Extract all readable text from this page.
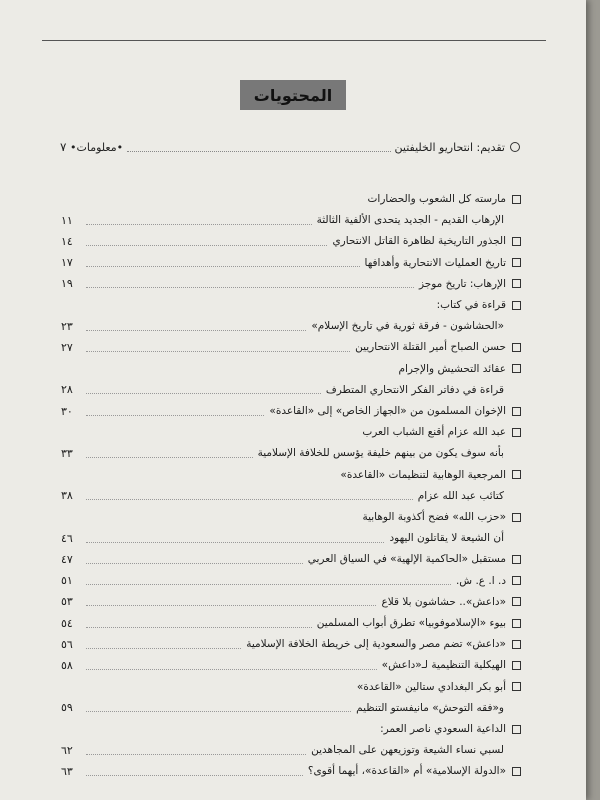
المحتويات
تقديم: انتحاريو الخليفتين
•معلومات•
٧
مارسته كل الشعوب والحضارات
الإرهاب القديم - الجديد يتحدى الألفية الثالثة
١١
الجذور التاريخية لظاهرة القاتل الانتحاري
١٤
تاريخ العمليات الانتحارية وأهدافها
١٧
الإرهاب: تاريخ موجز
١٩
قراءة في كتاب:
«الحشاشون - فرقة ثورية في تاريخ الإسلام»
٢٣
حسن الصباح أمير القتلة الانتحاريين
٢٧
عقائد التحشيش والإجرام
قراءة في دفاتر الفكر الانتحاري المتطرف
٢٨
الإخوان المسلمون من «الجهاز الخاص» إلى «القاعدة»
٣٠
عبد الله عزام أقنع الشباب العرب
بأنه سوف يكون من بينهم خليفة يؤسس للخلافة الإسلامية
٣٣
المرجعية الوهابية لتنظيمات «القاعدة»
كتائب عبد الله عزام
٣٨
«حزب الله» فضح أكذوبة الوهابية
أن الشيعة لا يقاتلون اليهود
٤٦
مستقبل «الحاكمية الإلهية» في السياق العربي
٤٧
د. ا. ع. ش.
٥١
«داعش».. حشاشون بلا قلاع
٥٣
بيوء «الإسلاموفوبيا» تطرق أبواب المسلمين
٥٤
«داعش» تضم مصر والسعودية إلى خريطة الخلافة الإسلامية
٥٦
الهيكلية التنظيمية لـ«داعش»
٥٨
أبو بكر البغدادي ستالين «القاعدة»
و«فقه التوحش» مانيفستو التنظيم
٥٩
الداعية السعودي ناصر العمر:
لسبي نساء الشيعة وتوزيعهن على المجاهدين
٦٢
«الدولة الإسلامية» أم «القاعدة»، أيهما أقوى؟
٦٣
